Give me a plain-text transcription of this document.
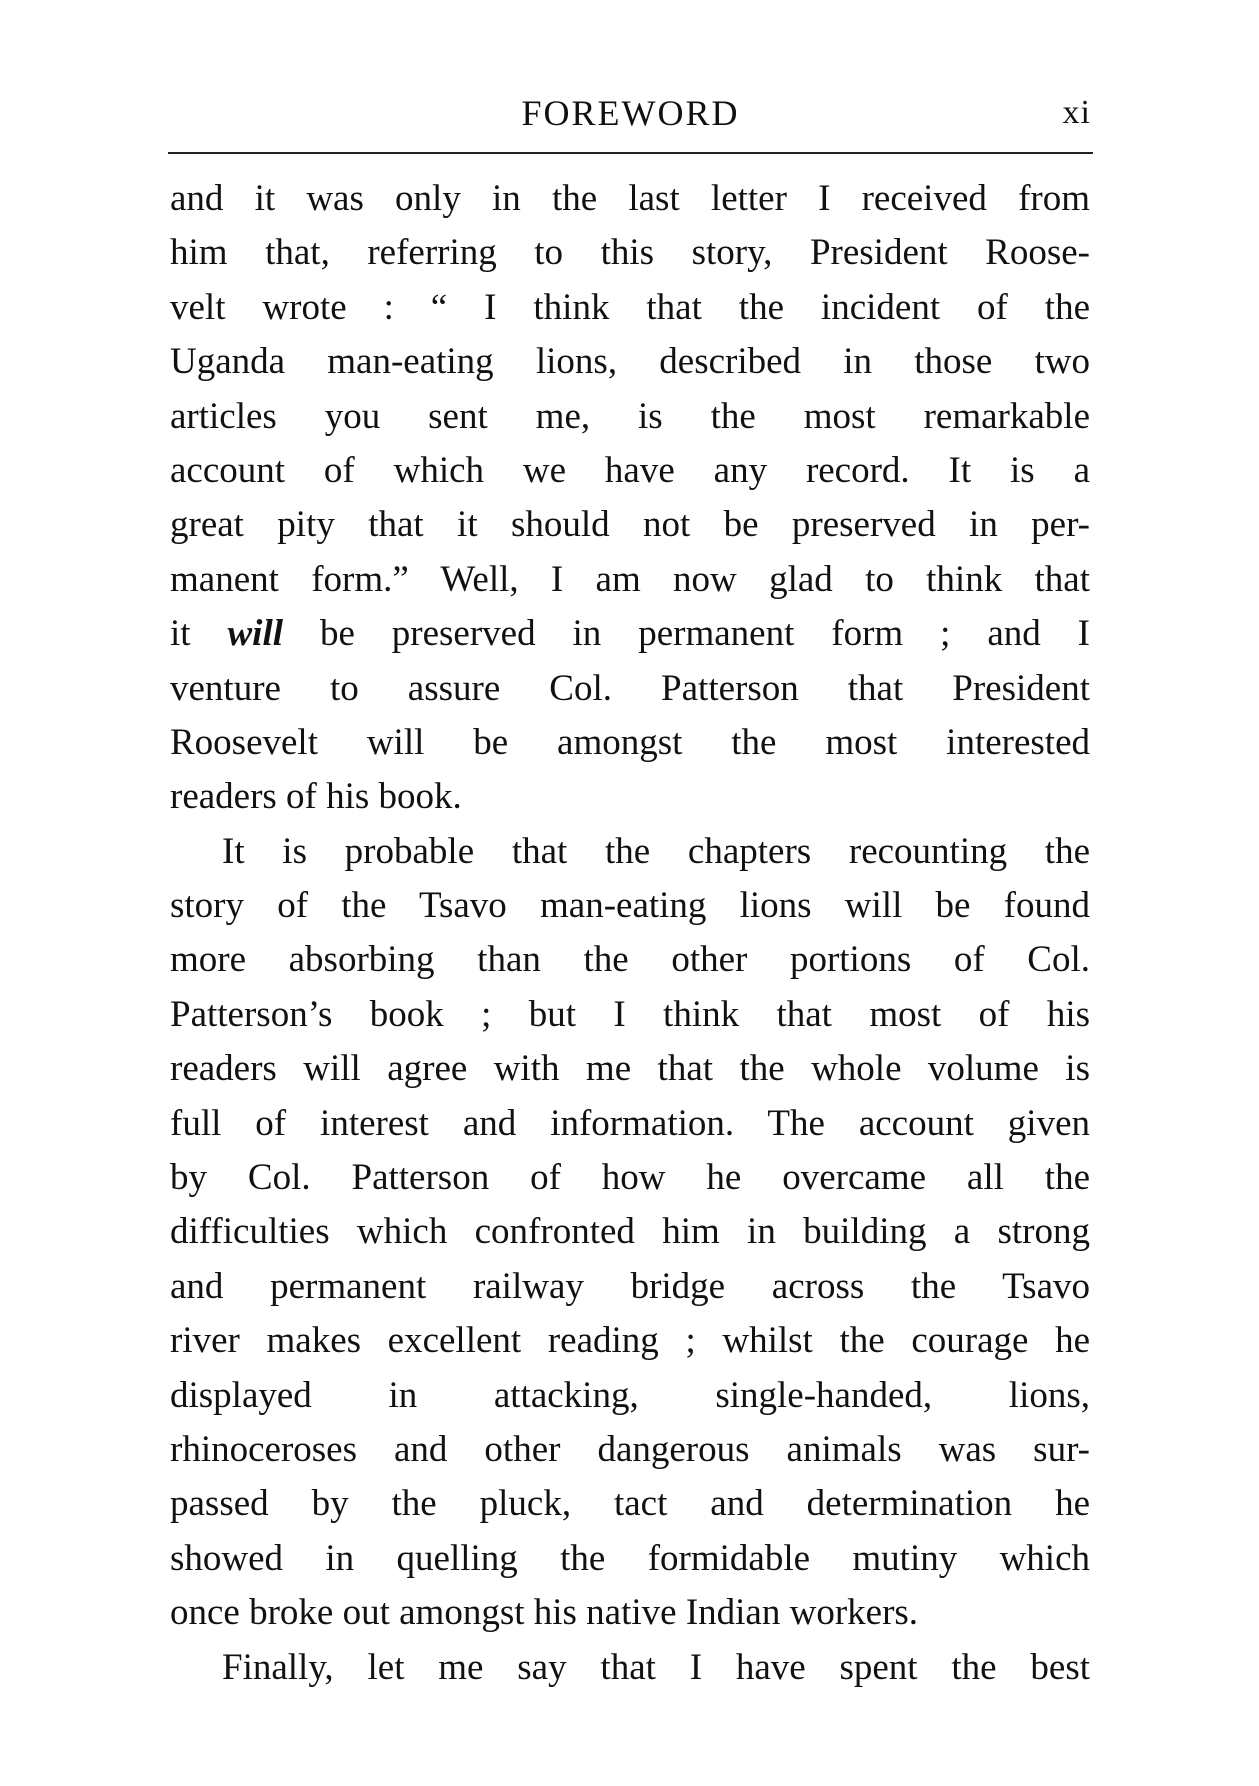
FOREWORD	xi
and it was only in the last letter I received from
him that, referring to this story, President Roose-
velt wrote : “ I think that the incident of the
Uganda man-eating lions, described in those two
articles you sent me, is the most remarkable
account of which we have any record. It is a
great pity that it should not be preserved in per-
manent form.” Well, I am now glad to think that
it will be preserved in permanent form ; and I
venture to assure Col. Patterson that President
Roosevelt will be amongst the most interested
readers of his book.
It is probable that the chapters recounting the
story of the Tsavo man-eating lions will be found
more absorbing than the other portions of Col.
Patterson’s book ; but I think that most of his
readers will agree with me that the whole volume is
full of interest and information. The account given
by Col. Patterson of how he overcame all the
difficulties which confronted him in building a strong
and permanent railway bridge across the Tsavo
river makes excellent reading ; whilst the courage he
displayed in attacking, single-handed, lions,
rhinoceroses and other dangerous animals was sur-
passed by the pluck, tact and determination he
showed in quelling the formidable mutiny which
once broke out amongst his native Indian workers.
Finally, let me say that I have spent the best
